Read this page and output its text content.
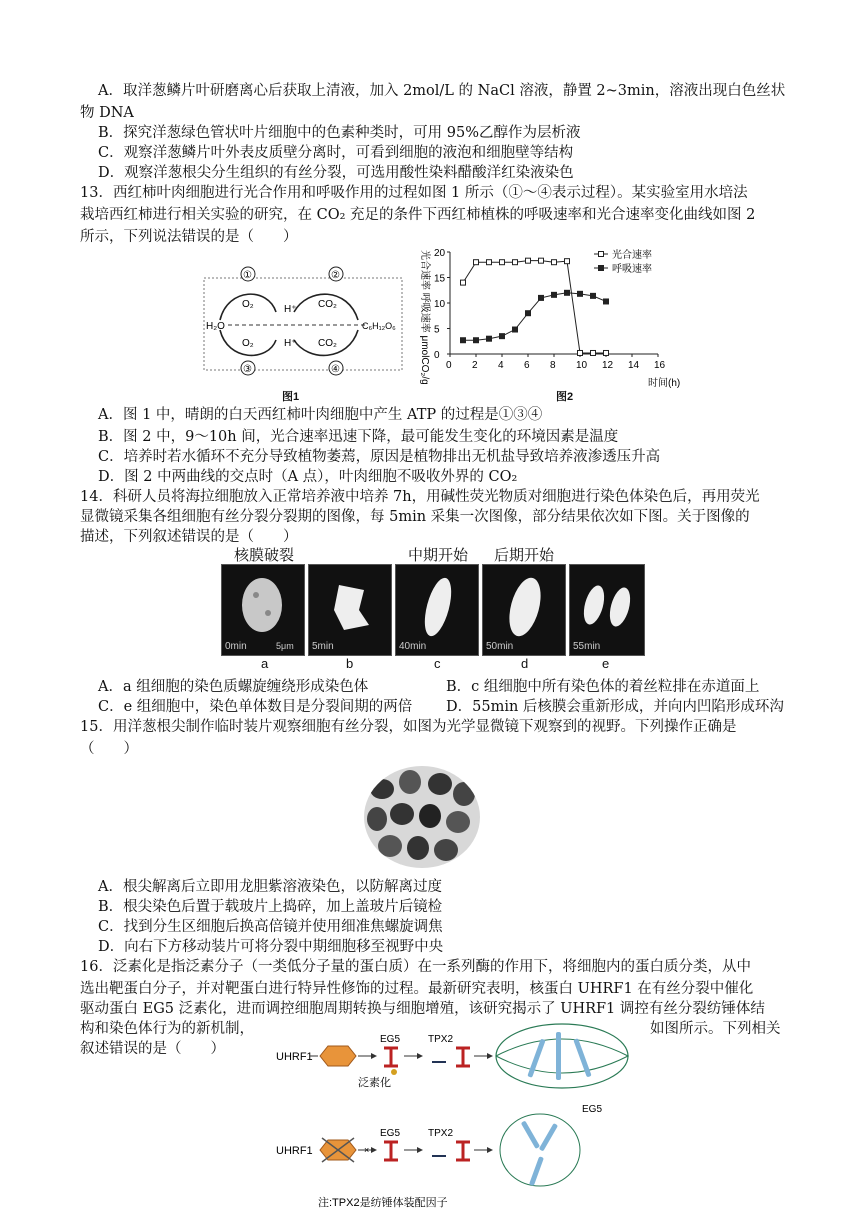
A．取洋葱鳞片叶研磨离心后获取上清液，加入 2mol/L 的 NaCl 溶液，静置 2~3min，溶液出现白色丝状
物 DNA
B．探究洋葱绿色管状叶片细胞中的色素种类时，可用 95%乙醇作为层析液
C．观察洋葱鳞片叶外表皮质壁分离时，可看到细胞的液泡和细胞壁等结构
D．观察洋葱根尖分生组织的有丝分裂，可选用酸性染料醋酸洋红染液染色
13．西红柿叶肉细胞进行光合作用和呼吸作用的过程如图 1 所示（①～④表示过程）。某实验室用水培法
栽培西红柿进行相关实验的研究，在 CO₂ 充足的条件下西红柿植株的呼吸速率和光合速率变化曲线如图 2
所示，下列说法错误的是（　　）
①	②
③	④
O₂	H⁺ CO₂
O₂	H⁺ CO₂
H₂O	C₆H₁₂O₆
图1
光合速率 呼吸速率 μmolCO₂/g	时间(h)
0 2 4 6 8 10 12 14 16
0
5
10
15
20	光合速率
呼吸速率
图2
A．图 1 中，晴朗的白天西红柿叶肉细胞中产生 ATP 的过程是①③④
B．图 2 中，9～10h 间，光合速率迅速下降，最可能发生变化的环境因素是温度
C．培养时若水循环不充分导致植物萎蔫，原因是植物排出无机盐导致培养液渗透压升高
D．图 2 中两曲线的交点时（A 点），叶肉细胞不吸收外界的 CO₂
14．科研人员将海拉细胞放入正常培养液中培养 7h，用碱性荧光物质对细胞进行染色体染色后，再用荧光
显微镜采集各组细胞有丝分裂分裂期的图像，每 5min 采集一次图像，部分结果依次如下图。关于图像的
描述，下列叙述错误的是（　　）
核膜破裂	中期开始 后期开始
0min	5μm 5min	40min	50min	55min
a	b	c	d	e
A．a 组细胞的染色质螺旋缠绕形成染色体	B．c 组细胞中所有染色体的着丝粒排在赤道面上
C．e 组细胞中，染色单体数目是分裂间期的两倍 D．55min 后核膜会重新形成，并向内凹陷形成环沟
15．用洋葱根尖制作临时装片观察细胞有丝分裂，如图为光学显微镜下观察到的视野。下列操作正确是
（　　）
A．根尖解离后立即用龙胆紫溶液染色，以防解离过度
B．根尖染色后置于载玻片上捣碎，加上盖玻片后镜检
C．找到分生区细胞后换高倍镜并使用细准焦螺旋调焦
D．向右下方移动装片可将分裂中期细胞移至视野中央
16．泛素化是指泛素分子（一类低分子量的蛋白质）在一系列酶的作用下，将细胞内的蛋白质分类，从中
选出靶蛋白分子，并对靶蛋白进行特异性修饰的过程。最新研究表明，核蛋白 UHRF1 在有丝分裂中催化
驱动蛋白 EG5 泛素化，进而调控细胞周期转换与细胞增殖，该研究揭示了 UHRF1 调控有丝分裂纺锤体结
构和染色体行为的新机制，	如图所示。下列相关
叙述错误的是（　　）	UHRF1
EG5
泛素化
TPX2
UHRF1	×
EG5	TPX2
EG5
注:TPX2是纺锤体装配因子
